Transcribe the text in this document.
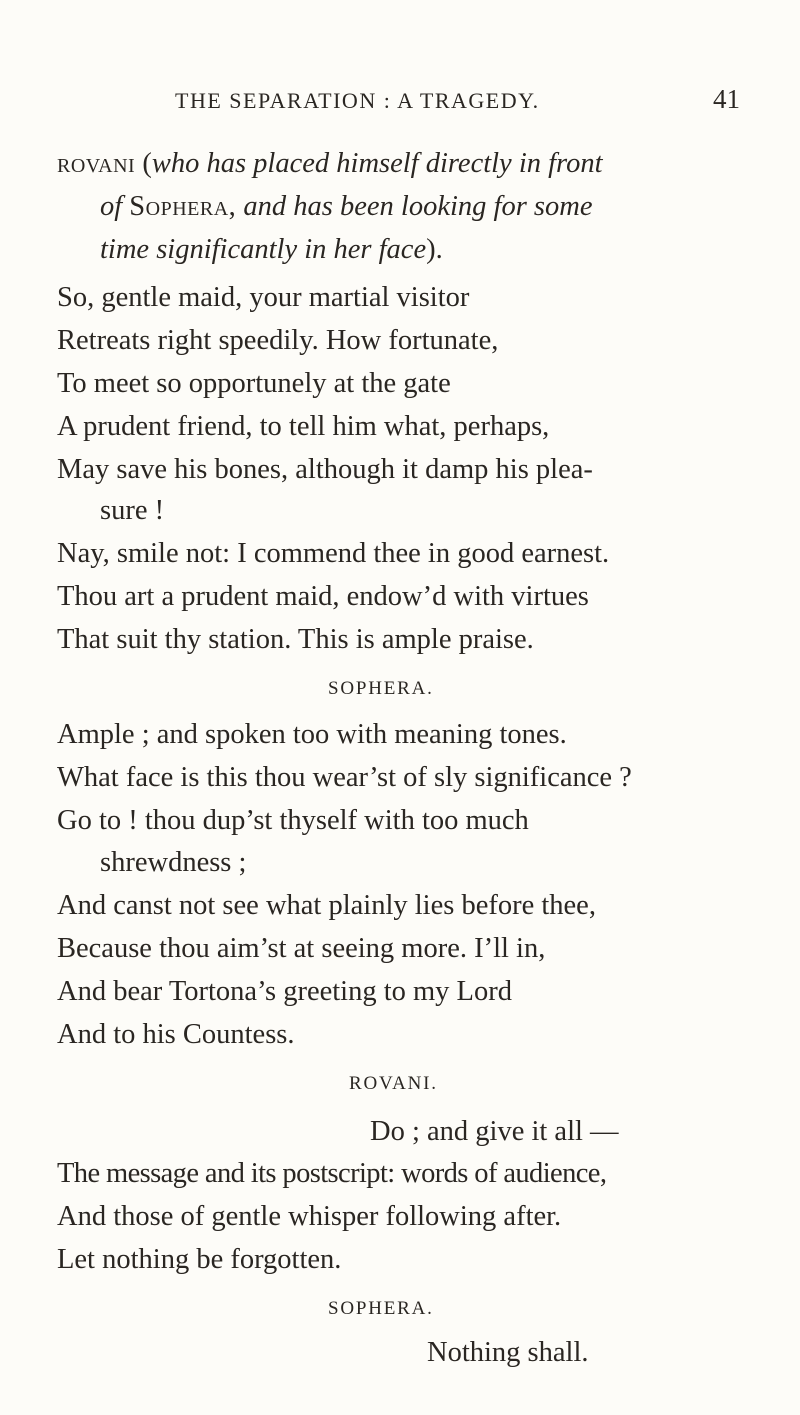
THE SEPARATION : A TRAGEDY.	41
rovani (who has placed himself directly in front
of Sophera, and has been looking for some
time significantly in her face).
So, gentle maid, your martial visitor
Retreats right speedily. How fortunate,
To meet so opportunely at the gate
A prudent friend, to tell him what, perhaps,
May save his bones, although it damp his plea-
sure !
Nay, smile not: I commend thee in good earnest.
Thou art a prudent maid, endow’d with virtues
That suit thy station. This is ample praise.
SOPHERA.
Ample ; and spoken too with meaning tones.
What face is this thou wear’st of sly significance ?
Go to ! thou dup’st thyself with too much
shrewdness ;
And canst not see what plainly lies before thee,
Because thou aim’st at seeing more. I’ll in,
And bear Tortona’s greeting to my Lord
And to his Countess.
ROVANI.
Do ; and give it all —
The message and its postscript: words of audience,
And those of gentle whisper following after.
Let nothing be forgotten.
SOPHERA.
Nothing shall.
